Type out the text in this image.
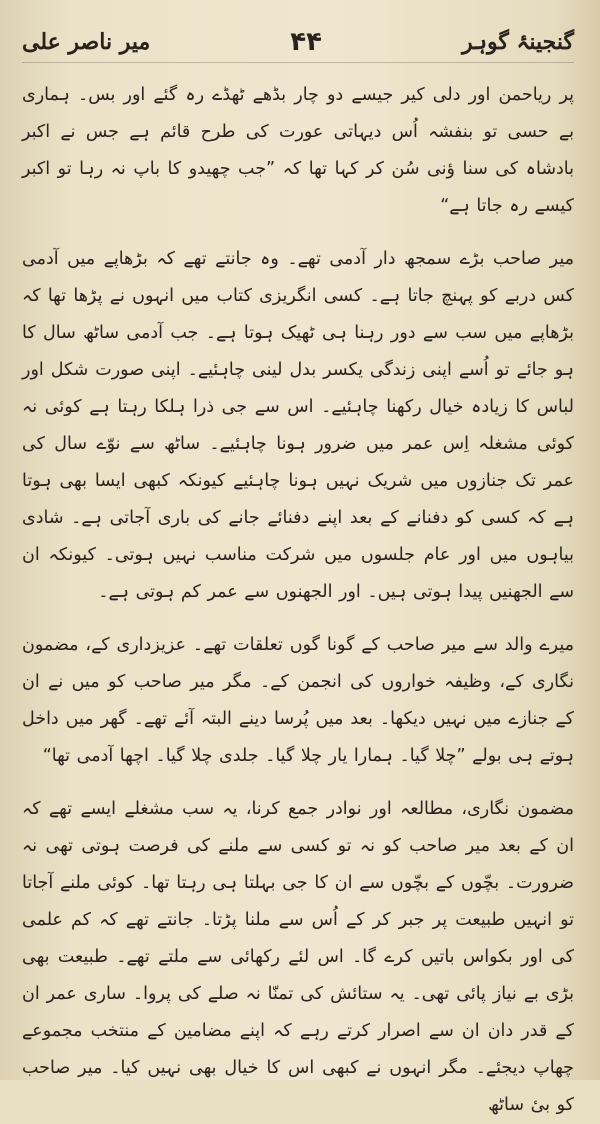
گنجینۂ گوہر
۴۴
میر ناصر علی

پر ریاحمن اور دلی کیر جیسے دو چار بڈھے ٹھڈے رہ گئے اور بس۔ ہماری بے حسی تو بنفشہ اُس دیہاتی عورت کی طرح قائم ہے جس نے اکبر بادشاہ کی سنا ؤنی سُن کر کہا تھا کہ ”جب چھیدو کا باپ نہ رہا تو اکبر کیسے رہ جاتا ہے“

میر صاحب بڑے سمجھ دار آدمی تھے۔ وہ جانتے تھے کہ بڑھاپے میں آدمی کس دربے کو پہنچ جاتا ہے۔ کسی انگریزی کتاب میں انہوں نے پڑھا تھا کہ بڑھاپے میں سب سے دور رہنا ہی ٹھیک ہوتا ہے۔ جب آدمی ساٹھ سال کا ہو جائے تو اُسے اپنی زندگی یکسر بدل لینی چاہئیے۔ اپنی صورت شکل اور لباس کا زیادہ خیال رکھنا چاہئیے۔ اس سے جی ذرا ہلکا رہتا ہے کوئی نہ کوئی مشغلہ اِس عمر میں ضرور ہونا چاہئیے۔ ساٹھ سے نوّے سال کی عمر تک جنازوں میں شریک نہیں ہونا چاہئیے کیونکہ کبھی ایسا بھی ہوتا ہے کہ کسی کو دفنانے کے بعد اپنے دفنائے جانے کی باری آجاتی ہے۔ شادی بیاہوں میں اور عام جلسوں میں شرکت مناسب نہیں ہوتی۔ کیونکہ ان سے الجھنیں پیدا ہوتی ہیں۔ اور الجھنوں سے عمر کم ہوتی ہے۔

میرے والد سے میر صاحب کے گونا گوں تعلقات تھے۔ عزیزداری کے، مضمون نگاری کے، وظیفہ خواروں کی انجمن کے۔ مگر میر صاحب کو میں نے ان کے جنازے میں نہیں دیکھا۔ بعد میں پُرسا دینے البتہ آئے تھے۔ گھر میں داخل ہوتے ہی بولے ”چلا گیا۔ ہمارا یار چلا گیا۔ جلدی چلا گیا۔ اچھا آدمی تھا“

مضمون نگاری، مطالعہ اور نوادر جمع کرنا، یہ سب مشغلے ایسے تھے کہ ان کے بعد میر صاحب کو نہ تو کسی سے ملنے کی فرصت ہوتی تھی نہ ضرورت۔ بچّوں کے بچّوں سے ان کا جی بہلتا ہی رہتا تھا۔ کوئی ملنے آجاتا تو انہیں طبیعت پر جبر کر کے اُس سے ملنا پڑتا۔ جانتے تھے کہ کم علمی کی اور بکواس باتیں کرے گا۔ اس لئے رکھائی سے ملتے تھے۔ طبیعت بھی بڑی بے نیاز پائی تھی۔ یہ ستائش کی تمنّا نہ صلے کی پروا۔ ساری عمر ان کے قدر دان ان سے اصرار کرتے رہے کہ اپنے مضامین کے منتخب مجموعے چھاپ دیجئے۔ مگر انہوں نے کبھی اس کا خیال بھی نہیں کیا۔ میر صاحب کو بیٔ ساٹھ
